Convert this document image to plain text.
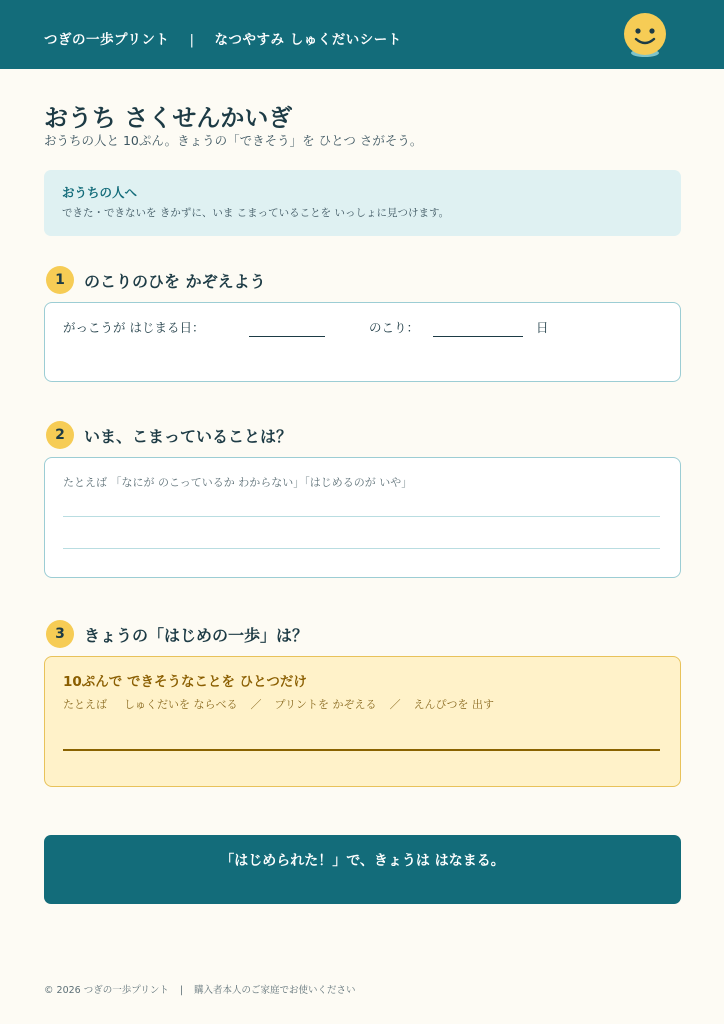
つぎの一歩プリント | なつやすみ しゅくだいシート
おうち さくせんかいぎ
おうちの人と 10ぷん。きょうの「できそう」を ひとつ さがそう。
おうちの人へ
できた・できないを きかずに、いま こまっていることを いっしょに見つけます。
1	のこりのひを かぞえよう
がっこうが はじまる日：	のこり：	日
2	いま、こまっていることは？
たとえば 「なにが のこっているか わからない」「はじめるのが いや」
3	きょうの「はじめの一歩」は？
10ぷんで できそうなことを ひとつだけ
たとえば しゅくだいを ならべる ／ プリントを かぞえる ／ えんぴつを 出す
「はじめられた！」で、きょうは はなまる。
© 2026 つぎの一歩プリント | 購入者本人のご家庭でお使いください
